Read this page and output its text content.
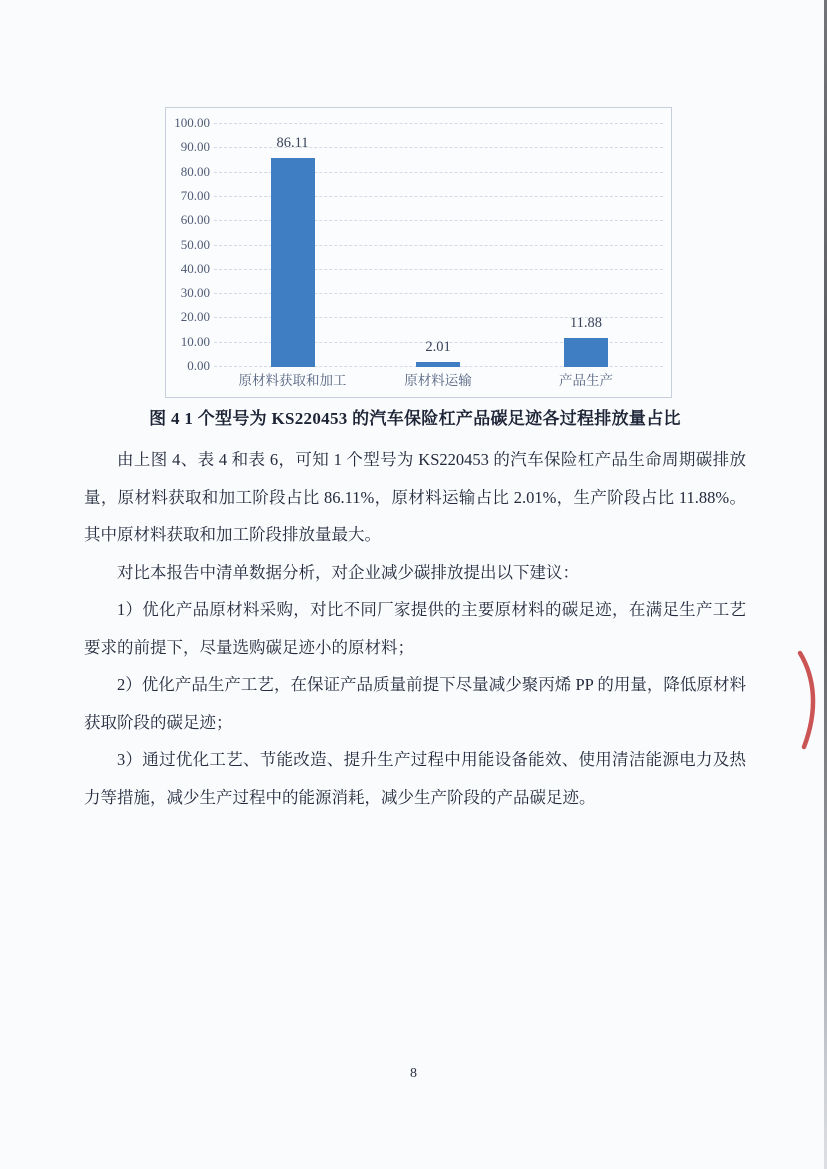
100.00
90.00
80.00
70.00
60.00
50.00
40.00
30.00
20.00
10.00
0.00
86.11
原材料获取和加工
2.01
原材料运输
11.88
产品生产
图 4 1 个型号为 KS220453 的汽车保险杠产品碳足迹各过程排放量占比

由上图 4、表 4 和表 6，可知 1 个型号为 KS220453 的汽车保险杠产品生命周期碳排放量，原材料获取和加工阶段占比 86.11%，原材料运输占比 2.01%，生产阶段占比 11.88%。其中原材料获取和加工阶段排放量最大。

对比本报告中清单数据分析，对企业减少碳排放提出以下建议：

1）优化产品原材料采购，对比不同厂家提供的主要原材料的碳足迹，在满足生产工艺要求的前提下，尽量选购碳足迹小的原材料；

2）优化产品生产工艺，在保证产品质量前提下尽量减少聚丙烯 PP 的用量，降低原材料获取阶段的碳足迹；

3）通过优化工艺、节能改造、提升生产过程中用能设备能效、使用清洁能源电力及热力等措施，减少生产过程中的能源消耗，减少生产阶段的产品碳足迹。

8
